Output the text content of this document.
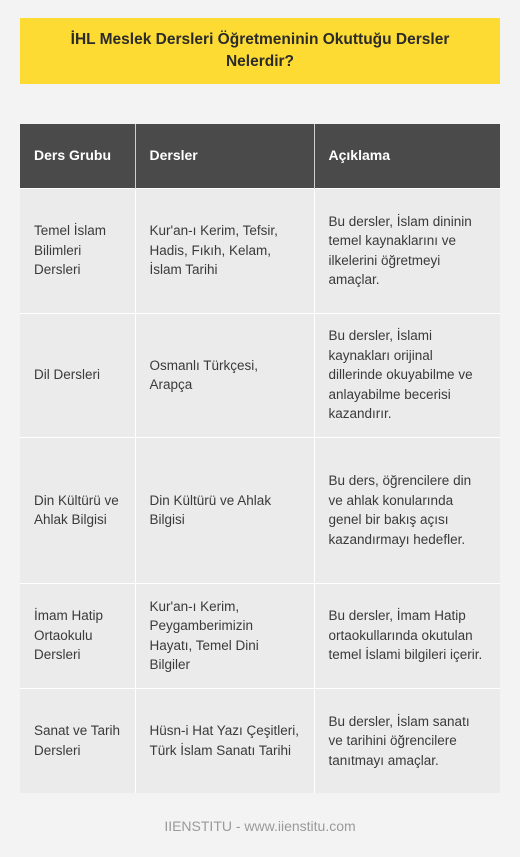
İHL Meslek Dersleri Öğretmeninin Okuttuğu Dersler Nelerdir?
Ders Grubu	Dersler	Açıklama
Temel İslam Bilimleri Dersleri	Kur'an-ı Kerim, Tefsir, Hadis, Fıkıh, Kelam, İslam Tarihi	Bu dersler, İslam dininin temel kaynaklarını ve ilkelerini öğretmeyi amaçlar.
Dil Dersleri	Osmanlı Türkçesi, Arapça	Bu dersler, İslami kaynakları orijinal dillerinde okuyabilme ve anlayabilme becerisi kazandırır.
Din Kültürü ve Ahlak Bilgisi	Din Kültürü ve Ahlak Bilgisi	Bu ders, öğrencilere din ve ahlak konularında genel bir bakış açısı kazandırmayı hedefler.
İmam Hatip Ortaokulu Dersleri	Kur'an-ı Kerim, Peygamberimizin Hayatı, Temel Dini Bilgiler	Bu dersler, İmam Hatip ortaokullarında okutulan temel İslami bilgileri içerir.
Sanat ve Tarih Dersleri	Hüsn-i Hat Yazı Çeşitleri, Türk İslam Sanatı Tarihi	Bu dersler, İslam sanatı ve tarihini öğrencilere tanıtmayı amaçlar.
IIENSTITU - www.iienstitu.com
